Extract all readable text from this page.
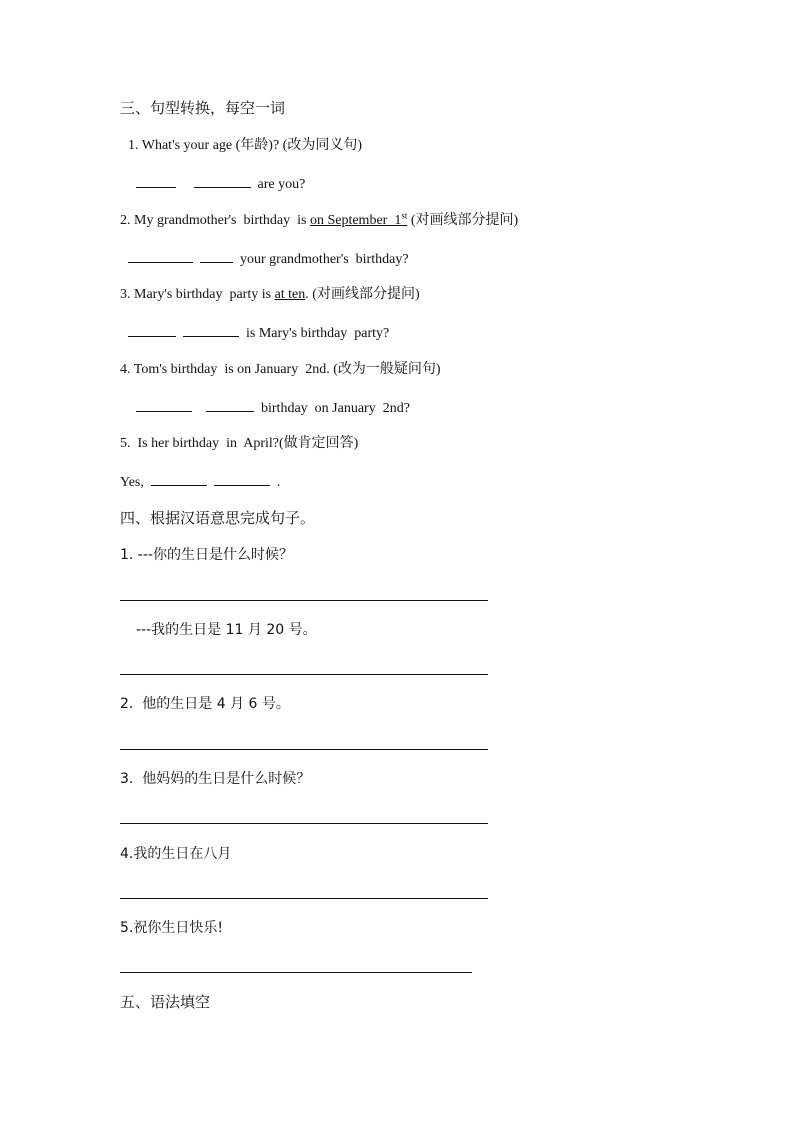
三、句型转换，每空一词
1. What's your age (年龄)? (改为同义句)
are you?
2. My grandmother's  birthday  is on September  1st (对画线部分提问)
your grandmother's  birthday?
3. Mary's birthday  party is at ten. (对画线部分提问)
is Mary's birthday  party?
4. Tom's birthday  is on January  2nd. (改为一般疑问句)
birthday  on January  2nd?
5.  Is her birthday  in  April?(做肯定回答)
Yes,	.
四、根据汉语意思完成句子。
1. ---你的生日是什么时候？
---我的生日是 11 月 20 号。
2.  他的生日是 4 月 6 号。
3.  他妈妈的生日是什么时候？
4.我的生日在八月
5.祝你生日快乐!
五、语法填空
